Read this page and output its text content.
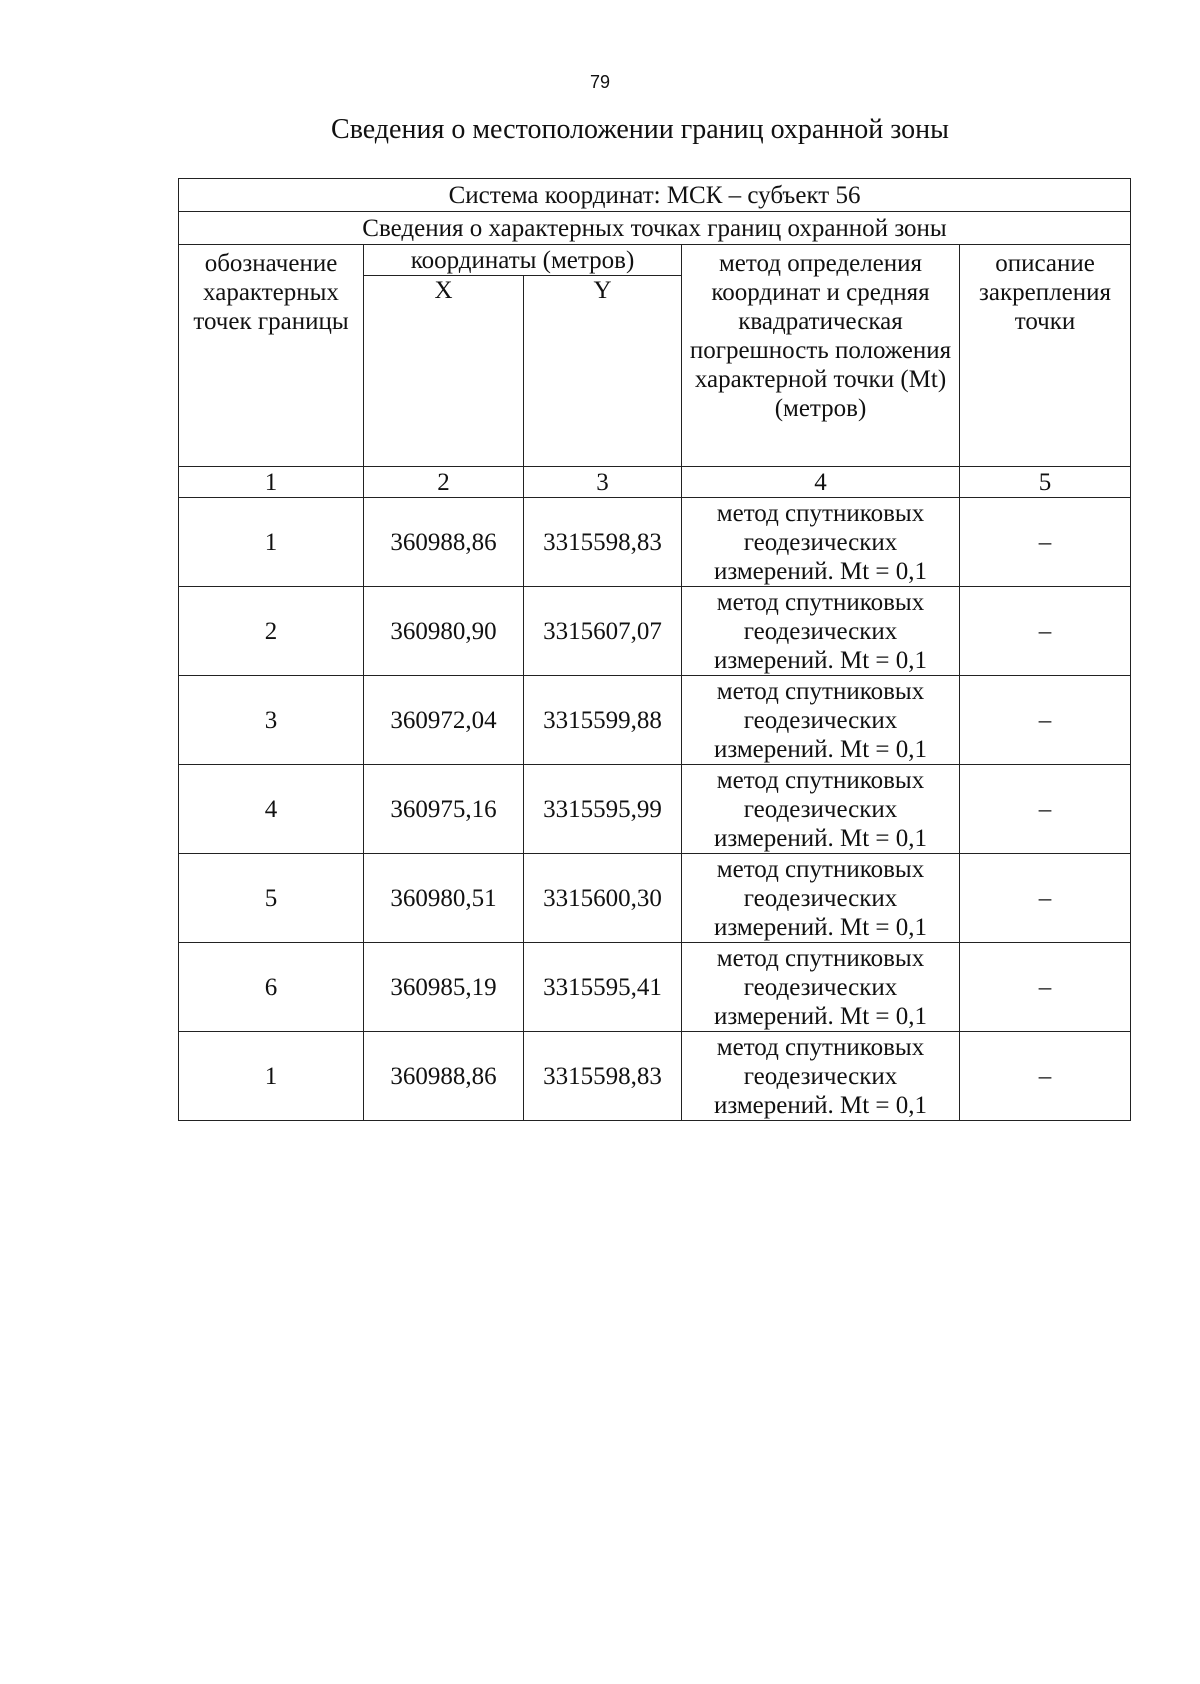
79
Сведения о местоположении границ охранной зоны
Система координат: МСК – субъект 56				
Сведения о характерных точках границ охранной зоны				
обозначение характерных точек границы	координаты (метров)		метод определения координат и средняя квадратическая погрешность положения характерной точки (Mt) (метров)	описание закрепления точки
	X	Y		
1	2	3	4	5
1	360988,86	3315598,83	метод спутниковых геодезических измерений. Mt = 0,1	–
2	360980,90	3315607,07	метод спутниковых геодезических измерений. Mt = 0,1	–
3	360972,04	3315599,88	метод спутниковых геодезических измерений. Mt = 0,1	–
4	360975,16	3315595,99	метод спутниковых геодезических измерений. Mt = 0,1	–
5	360980,51	3315600,30	метод спутниковых геодезических измерений. Mt = 0,1	–
6	360985,19	3315595,41	метод спутниковых геодезических измерений. Mt = 0,1	–
1	360988,86	3315598,83	метод спутниковых геодезических измерений. Mt = 0,1	–
